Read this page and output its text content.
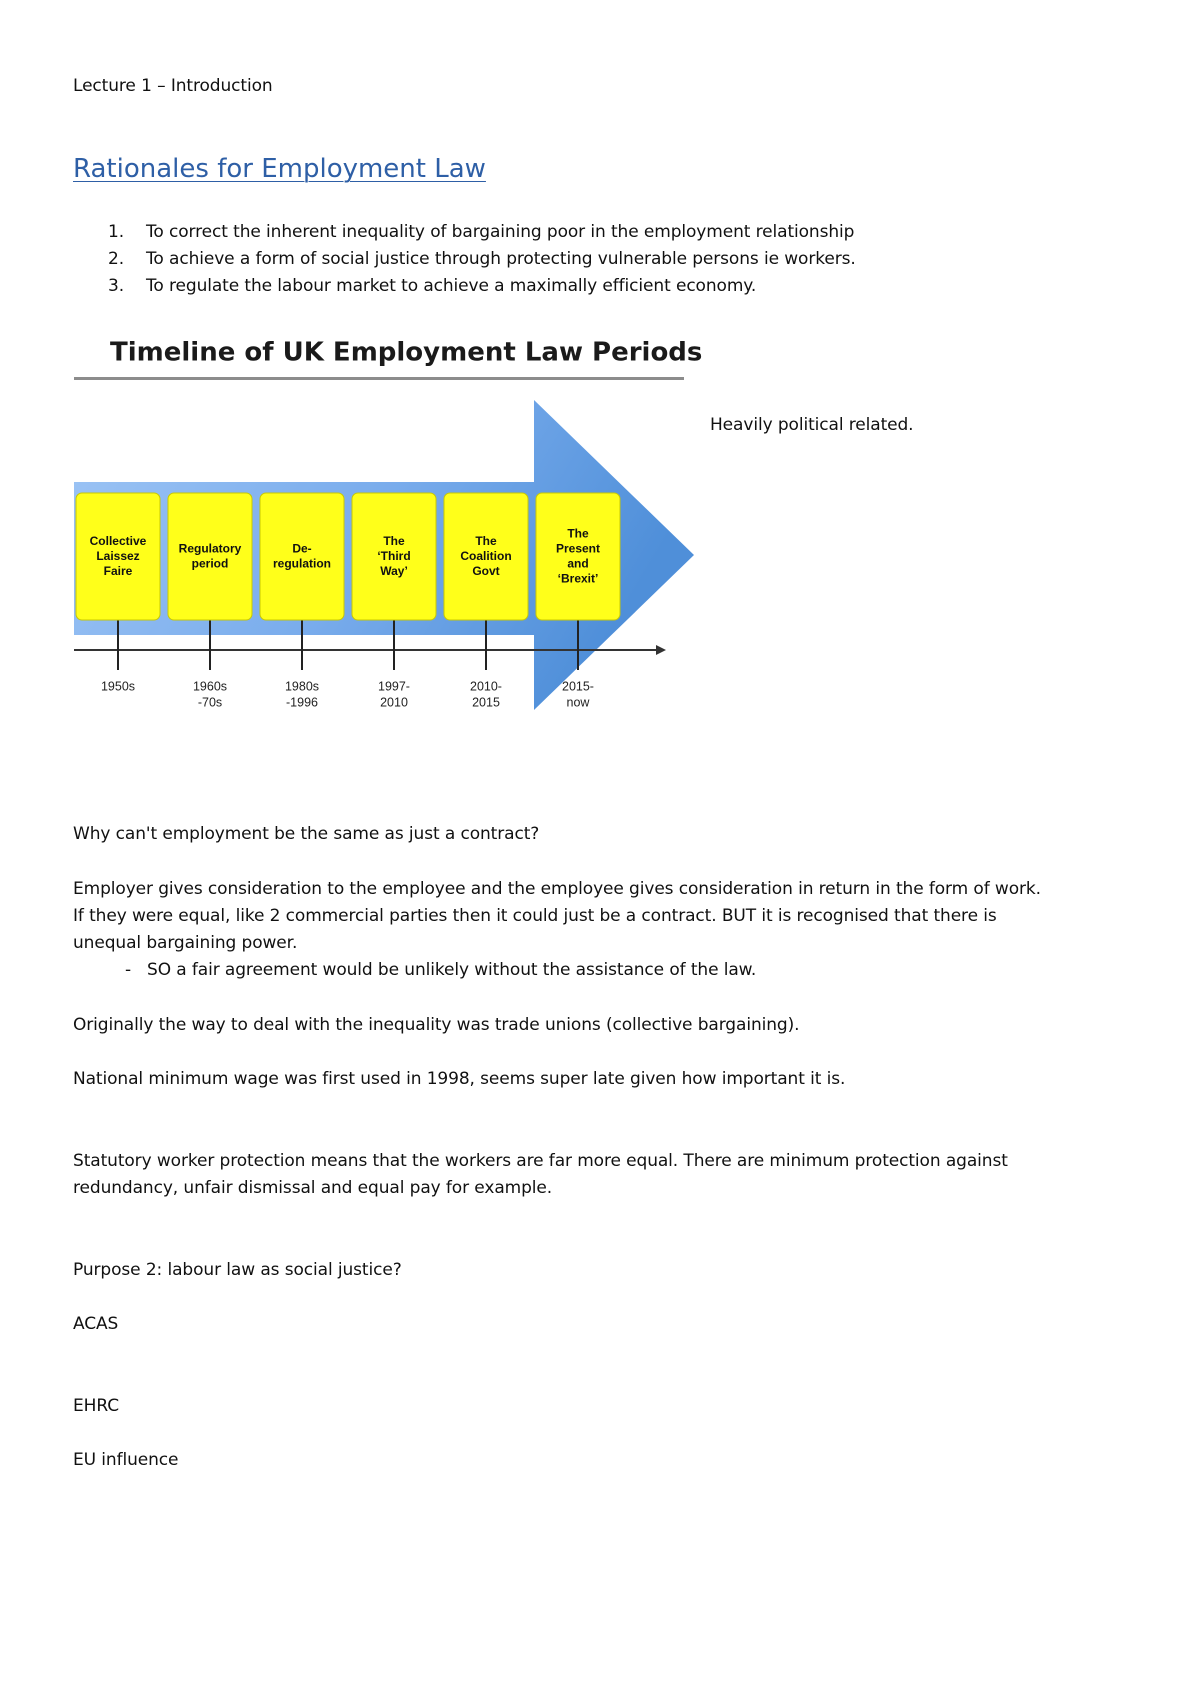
Lecture 1 – Introduction
Rationales for Employment Law
1. To correct the inherent inequality of bargaining poor in the employment relationship
2. To achieve a form of social justice through protecting vulnerable persons ie workers.
3. To regulate the labour market to achieve a maximally efficient economy.
Timeline of UK Employment Law Periods
Collective
Laissez
Faire
1950s
Regulatory
period
1960s
-70s
De-
regulation
1980s
-1996
The
‘Third
Way’
1997-
2010
The
Coalition
Govt
2010-
2015
The
Present
and
‘Brexit’
2015-
now
Heavily political related.
Why can't employment be the same as just a contract?
Employer gives consideration to the employee and the employee gives consideration in return in the form of work.
If they were equal, like 2 commercial parties then it could just be a contract. BUT it is recognised that there is
unequal bargaining power.
- SO a fair agreement would be unlikely without the assistance of the law.
Originally the way to deal with the inequality was trade unions (collective bargaining).
National minimum wage was first used in 1998, seems super late given how important it is.
Statutory worker protection means that the workers are far more equal. There are minimum protection against
redundancy, unfair dismissal and equal pay for example.
Purpose 2: labour law as social justice?
ACAS
EHRC
EU influence
